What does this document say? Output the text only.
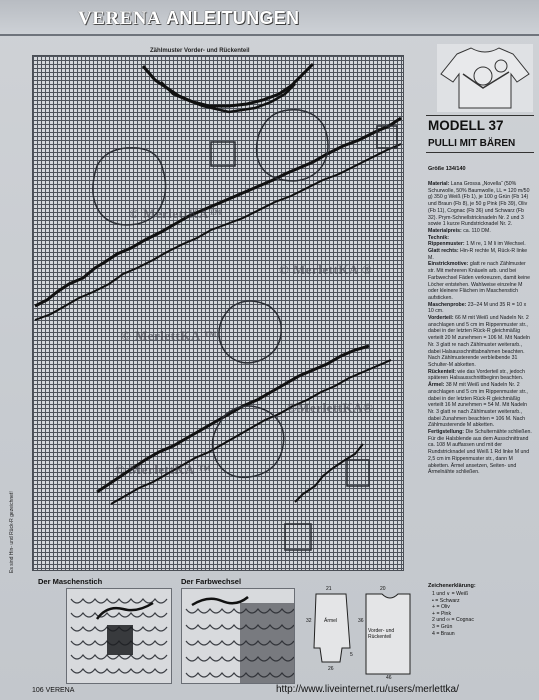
VERENA ANLEITUNGEN
Zählmuster Vorder- und Rückenteil
© MerlettKA™
© MerlettKA ®
© MerlettKA ™
©MerlettKA®
© MerlettKA ™
Es sind Hin- und Rück-R gezeichnet!
MODELL 37
PULLI MIT BÄREN
Größe 134/140

Material: Lana Grossa „Novella“ (50% Schurwolle, 50% Baumwolle, LL = 120 m/50 g) 350 g Weiß (Fb 1), je 100 g Grün (Fb 14) und Braun (Fb 8), je 50 g Pink (Fb 39), Oliv (Fb 11), Cognac (Fb 36) und Schwarz (Fb 32). Prym-Schnellstricknadeln Nr. 2 und 3 sowie 1 kurze Rundstricknadel Nr. 2.

Materialpreis: ca. 110 DM.

Technik:

Rippenmuster: 1 M re, 1 M li im Wechsel.

Glatt rechts: Hin-R rechte M, Rück-R linke M.

Einstrickmotive: glatt re nach Zählmuster str. Mit mehreren Knäueln arb. und bei Farbwechsel Fäden verkreuzen, damit keine Löcher entstehen. Wahlweise einzelne M oder kleinere Flächen im Maschenstich aufsticken.

Maschenprobe: 23–24 M und 35 R = 10 x 10 cm.

Vorderteil: 66 M mit Weiß und Nadeln Nr. 2 anschlagen und 5 cm im Rippenmuster str., dabei in der letzten Rück-R gleichmäßig verteilt 20 M zunehmen = 106 M. Mit Nadeln Nr. 3 glatt re nach Zählmuster weiterarb., dabei Halsausschnittabnahmen beachten. Nach Zählmusterende verbleibende 31 Schulter-M abketten.

Rückenteil: wie das Vorderteil str., jedoch späteren Halsausschnittbeginn beachten.

Ärmel: 38 M mit Weiß und Nadeln Nr. 2 anschlagen und 5 cm im Rippenmuster str., dabei in der letzten Rück-R gleichmäßig verteilt 16 M zunehmen = 54 M. Mit Nadeln Nr. 3 glatt re nach Zählmuster weiterarb., dabei Zunahmen beachten = 106 M. Nach Zählmusterende M abketten.

Fertigstellung: Die Schulternähte schließen. Für die Halsblende aus dem Ausschnittrand ca. 108 M auffassen und mit der Rundstricknadel und Weiß 1 Rd linke M und 2,5 cm im Rippenmuster str., dann M abketten. Ärmel ansetzen, Seiten- und Ärmelnähte schließen.

Zeichenerklärung:
1 und ∨ = Weiß
• = Schwarz
+ = Oliv
+ = Pink
2 und ∞ = Cognac
3 = Grün
4 = Braun
Der Maschenstich	Der Farbwechsel
Ärmel
Vorder- und Rückenteil
21
32
26
5
20
36
46
106 VERENA	http://www.liveinternet.ru/users/merlettka/
